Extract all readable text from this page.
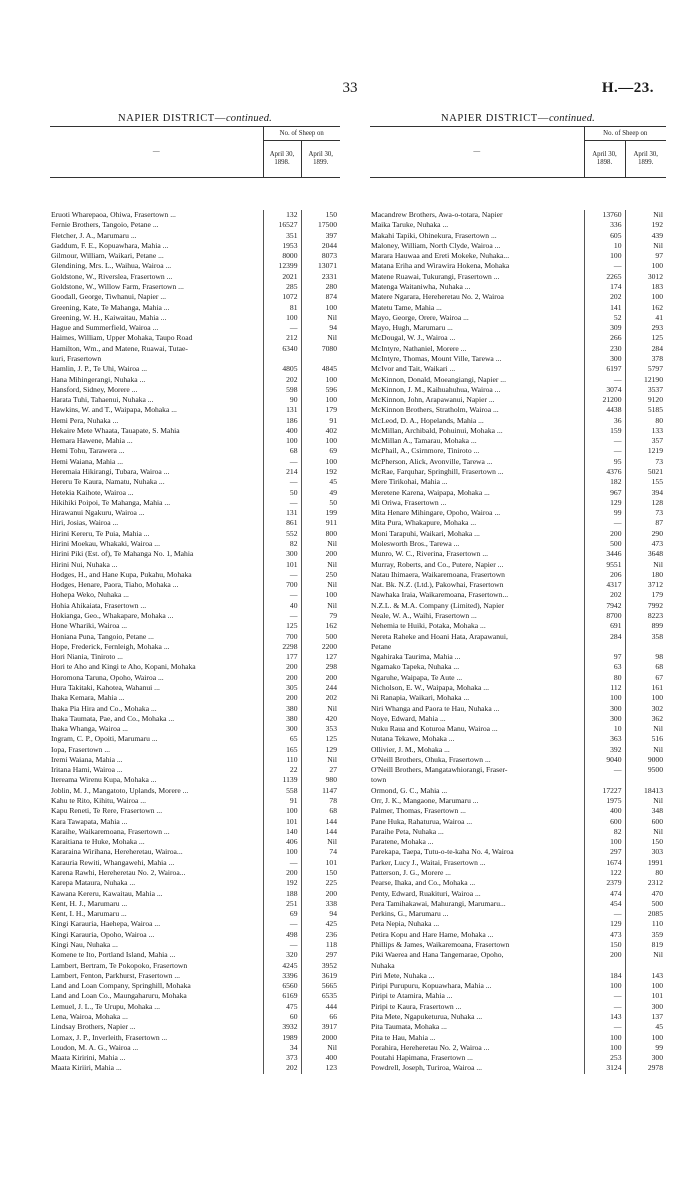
33	H.—23.
NAPIER DISTRICT—continued.
—	No. of Sheep on	
	April 30, 1898.	April 30, 1899.

Eruoti Wharepaoa, Ohiwa, Frasertown ...	132	150
Fernie Brothers, Tangoio, Petane ...	16527	17500
Fletcher, J. A., Marumaru ...	351	397
Gaddum, F. E., Kopuawhara, Mahia ...	1953	2044
Gilmour, William, Waikari, Petane ...	8000	8073
Glendining, Mrs. L., Waihua, Wairoa ...	12399	13071
Goldstone, W., Riverslea, Frasertown ...	2021	2331
Goldstone, W., Willow Farm, Frasertown ...	285	280
Goodall, George, Tiwhanui, Napier ...	1072	874
Greening, Kate, Te Mahanga, Mahia ...	81	100
Greening, W. H., Kaiwaitau, Mahia ...	100	Nil
Hague and Summerfield, Wairoa ...	—	94
Haimes, William, Upper Mohaka, Taupo Road	212	Nil
Hamilton, Wm., and Matene, Ruawai, Tutae-	6340	7080
kuri, Frasertown		
Hamlin, J. P., Te Uhi, Wairoa ...	4805	4845
Hana Mihingerangi, Nuhaka ...	202	100
Hansford, Sidney, Morere ...	598	596
Harata Tuhi, Tahaenui, Nuhaka ...	90	100
Hawkins, W. and T., Waipapa, Mohaka ...	131	179
Hemi Pera, Nuhaka ...	186	91
Hekaire Mete Whaata, Tauapate, S. Mahia	400	402
Hemara Hawene, Mahia ...	100	100
Hemi Tohu, Tarawera ...	68	69
Hemi Waiana, Mahia ...	—	100
Heremaia Hikirangi, Tubara, Wairoa ...	214	192
Hereru Te Kaura, Namatu, Nuhaka ...	—	45
Hetekia Kaihote, Wairoa ...	50	49
Hikihiki Poipoi, Te Mahanga, Mahia ...	—	50
Hirawanui Ngakuru, Wairoa ...	131	199
Hiri, Josias, Wairoa ...	861	911
Hirini Kereru, Te Puia, Mahia ...	552	800
Hirini Moekau, Whakaki, Wairoa ...	82	Nil
Hirini Piki (Est. of), Te Mahanga No. 1, Mahia	300	200
Hirini Nui, Nuhaka ...	101	Nil
Hodges, H., and Hane Kupa, Pukahu, Mohaka	—	250
Hodges, Henare, Paora, Tiaho, Mohaka ...	700	Nil
Hohepa Weko, Nuhaka ...	—	100
Hohia Ahikaiata, Frasertown ...	40	Nil
Hokianga, Geo., Whakapare, Mohaka ...	—	79
Hone Whariki, Wairoa ...	125	162
Honiana Puna, Tangoio, Petane ...	700	500
Hope, Frederick, Fernleigh, Mohaka ...	2298	2200
Hori Niania, Tiniroto ...	177	127
Hori te Aho and Kingi te Aho, Kopani, Mohaka	200	298
Horomona Taruna, Opoho, Wairoa ...	200	200
Hura Takitaki, Kahotea, Wahanui ...	305	244
Ihaka Kemara, Mahia ...	200	202
Ihaka Pia Hira and Co., Mohaka ...	380	Nil
Ihaka Taumata, Pae, and Co., Mohaka ...	380	420
Ihaka Whanga, Wairoa ...	300	353
Ingram, C. P., Opoiti, Marumaru ...	65	125
Iopa, Frasertown ...	165	129
Iremi Waiana, Mahia ...	110	Nil
Iritana Hami, Wairoa ...	22	27
Itereama Wirenu Kupa, Mohaka ...	1139	980
Joblin, M. J., Mangatoto, Uplands, Morere ...	558	1147
Kahu te Rito, Kihitu, Wairoa ...	91	78
Kapu Reneti, Te Rere, Frasertown ...	100	68
Kara Tawapata, Mahia ...	101	144
Karaihe, Waikaremoana, Frasertown ...	140	144
Karaitiana te Huke, Mohaka ...	406	Nil
Kararaina Wirihana, Hereheretau, Wairoa...	100	74
Karauria Rewiti, Whangawehi, Mahia ...	—	101
Karena Rawhi, Hereheretau No. 2, Wairoa...	200	150
Karepa Mataura, Nuhaka ...	192	225
Kawana Kereru, Kawaitau, Mahia ...	188	200
Kent, H. J., Marumaru ...	251	338
Kent, I. H., Marumaru ...	69	94
Kingi Karauria, Haehepa, Wairoa ...	—	425
Kingi Karauria, Opoho, Wairoa ...	498	236
Kingi Nau, Nuhaka ...	—	118
Komene te Ito, Portland Island, Mahia ...	320	297
Lambert, Bertram, Te Pokopoko, Frasertown	4245	3952
Lambert, Fenton, Parkhurst, Frasertown ...	3396	3619
Land and Loan Company, Springhill, Mohaka	6560	5665
Land and Loan Co., Maungaharuru, Mohaka	6169	6535
Lemuel, J. L., Te Urupu, Mohaka ...	475	444
Lena, Wairoa, Mohaka ...	60	66
Lindsay Brothers, Napier ...	3932	3917
Lomax, J. P., Inverleith, Frasertown ...	1989	2000
Loudon, M. A. G., Wairoa ...	34	Nil
Maata Kiririni, Mahia ...	373	400
Maata Kiriiri, Mahia ...	202	123
NAPIER DISTRICT—continued.
—	No. of Sheep on	
	April 30, 1898.	April 30, 1899.

Macandrew Brothers, Awa-o-totara, Napier	13760	Nil
Maika Taruke, Nuhaka ...	336	192
Makahi Tapiki, Ohinekura, Frasertown ...	605	439
Maloney, William, North Clyde, Wairoa ...	10	Nil
Marara Hauwaa and Ereti Mokeke, Nuhaka...	100	97
Matana Eriha and Wirawira Hokena, Mohaka	—	100
Matene Ruawai, Tukurangi, Frasertown ...	2265	3012
Matenga Waitaniwha, Nuhaka ...	174	183
Matere Ngarara, Hereheretau No. 2, Wairoa	202	100
Matetu Tame, Mahia ...	141	162
Mayo, George, Orere, Wairoa ...	52	41
Mayo, Hugh, Marumaru ...	309	293
McDougal, W. J., Wairoa ...	266	125
McIntyre, Nathaniel, Morere ...	230	284
McIntyre, Thomas, Mount Ville, Tarewa ...	300	378
McIvor and Tait, Waikari ...	6197	5797
McKinnon, Donald, Moeangiangi, Napier ...	—	12190
McKinnon, J. M., Kaihuahuhua, Wairoa ...	3074	3537
McKinnon, John, Arapawanui, Napier ...	21200	9120
McKinnon Brothers, Stratholm, Wairoa ...	4438	5185
McLeod, D. A., Hopelands, Mahia ...	36	80
McMillan, Archibald, Pohuinui, Mohaka ...	159	133
McMillan A., Tamarau, Mohaka ...	—	357
McPhail, A., Csirnmore, Tiniroto ...	—	1219
McPherson, Alick, Avonville, Tarewa ...	95	73
McRae, Farquhar, Springhill, Frasertown ...	4376	5021
Mere Tirikohai, Mahia ...	182	155
Meretene Karena, Waipapa, Mohaka ...	967	394
Mi Oriwa, Frasertown ...	129	128
Mita Henare Mihingare, Opoho, Wairoa ...	99	73
Mita Pura, Whakapure, Mohaka ...	—	87
Moni Tarapuhi, Waikari, Mohaka ...	200	290
Molesworth Bros., Tarewa ...	500	473
Munro, W. C., Riverina, Frasertown ...	3446	3648
Murray, Roberts, and Co., Putere, Napier ...	9551	Nil
Natau Ihimaera, Waikaremoana, Frasertown	206	180
Nat. Bk. N.Z. (Ltd.), Pakowhai, Frasertown	4317	3712
Nawhaka Iraia, Waikaremoana, Frasertown...	202	179
N.Z.L. & M.A. Company (Limited), Napier	7942	7992
Neale, W. A., Waihi, Frasertown ...	8700	8223
Nehemia te Huiki, Potaka, Mohaka ...	691	899
Nereta Raheke and Hoani Hata, Arapawanui,	284	358
Petane		
Ngahiraka Taurima, Mahia ...	97	98
Ngamako Tapeka, Nuhaka ...	63	68
Ngaruhe, Waipapa, Te Aute ...	80	67
Nicholson, E. W., Waipapa, Mohaka ...	112	161
Ni Ranapia, Waikari, Mohaka ...	100	100
Niri Whanga and Paora te Hau, Nuhaka ...	300	302
Noye, Edward, Mahia ...	300	362
Nuku Raua and Koturoa Manu, Wairoa ...	10	Nil
Nutana Tekawe, Mohaka ...	363	516
Ollivier, J. M., Mohaka ...	392	Nil
O'Neill Brothers, Ohuka, Frasertown ...	9040	9000
O'Neill Brothers, Mangatawhiorangi, Fraser-	—	9500
town		
Ormond, G. C., Mahia ...	17227	18413
Orr, J. K., Mangaone, Marumaru ...	1975	Nil
Palmer, Thomas, Frasertown ...	400	348
Pane Huka, Rahaturua, Wairoa ...	600	600
Paraihe Peta, Nuhaka ...	82	Nil
Paratene, Mohaka ...	100	150
Parekapa, Taepa, Tutu-o-te-kaha No. 4, Wairoa	297	303
Parker, Lucy J., Waitai, Frasertown ...	1674	1991
Patterson, J. G., Morere ...	122	80
Pearse, Ihaka, and Co., Mohaka ...	2379	2312
Penty, Edward, Ruakituri, Wairoa ...	474	470
Pera Tamihakawai, Mahurangi, Marumaru...	454	500
Perkins, G., Marumaru ...	—	2085
Peta Nepia, Nuhaka ...	129	110
Petira Kopu and Hare Hame, Mohaka ...	473	359
Phillips & James, Waikaremoana, Frasertown	150	819
Piki Waerea and Hana Tangemarae, Opoho,	200	Nil
Nuhaka		
Piri Mete, Nuhaka ...	184	143
Piripi Purupuru, Kopuawhara, Mahia ...	100	100
Piripi te Atamira, Mahia ...	—	101
Piripi te Kaura, Frasertown ...	—	300
Pita Mete, Ngapuketurua, Nuhaka ...	143	137
Pita Taumata, Mohaka ...	—	45
Pita te Hau, Mahia ...	100	100
Porahira, Hereheretau No. 2, Wairoa ...	100	99
Poutahi Hapimana, Frasertown ...	253	300
Powdrell, Joseph, Turiroa, Wairoa ...	3124	2978
